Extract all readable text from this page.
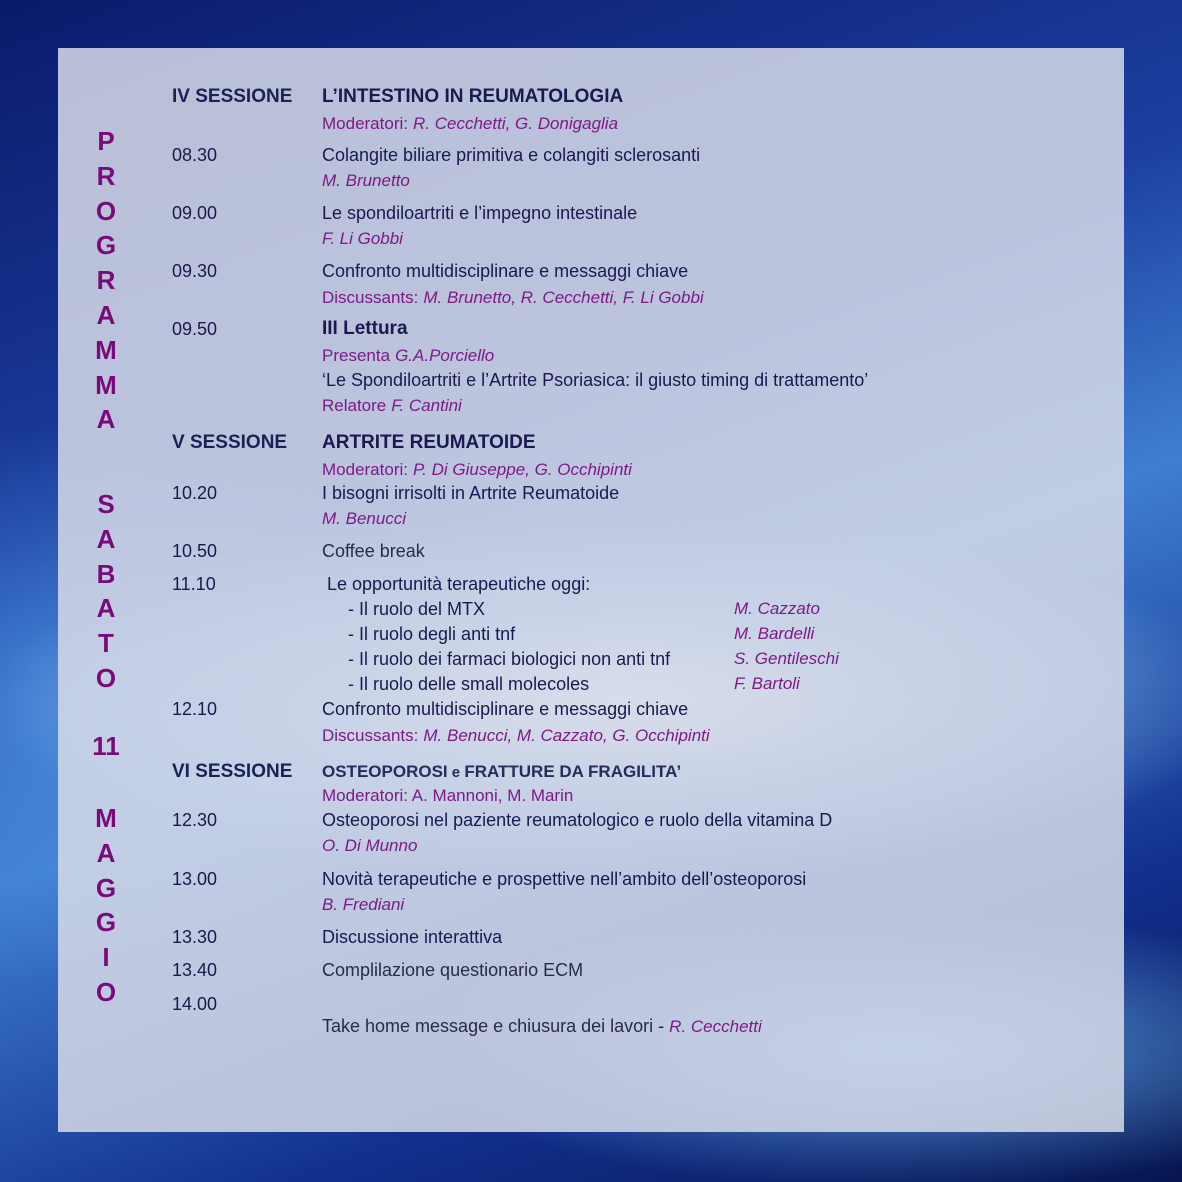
P
R
O
G
R
A
M
M
A
S
A
B
A
T
O
11
M
A
G
G
I
O
IV SESSIONE L’INTESTINO IN REUMATOLOGIA
Moderatori: R. Cecchetti, G. Donigaglia
08.30	Colangite biliare primitiva e colangiti sclerosanti
M. Brunetto
09.00	Le spondiloartriti e l’impegno intestinale
F. Li Gobbi
09.30	Confronto multidisciplinare e messaggi chiave
Discussants: M. Brunetto, R. Cecchetti, F. Li Gobbi
09.50	III Lettura
Presenta G.A.Porciello
‘Le Spondiloartriti e l’Artrite Psoriasica: il giusto timing di trattamento’
Relatore F. Cantini
V SESSIONE ARTRITE REUMATOIDE
Moderatori: P. Di Giuseppe, G. Occhipinti
10.20	I bisogni irrisolti in Artrite Reumatoide
M. Benucci
10.50	Coffee break
11.10	Le opportunità terapeutiche oggi:
- Il ruolo del MTX	M. Cazzato
- Il ruolo degli anti tnf	M. Bardelli
- Il ruolo dei farmaci biologici non anti tnf	S. Gentileschi
- Il ruolo delle small molecoles	F. Bartoli
12.10	Confronto multidisciplinare e messaggi chiave
Discussants: M. Benucci, M. Cazzato, G. Occhipinti
VI SESSIONE OSTEOPOROSI e FRATTURE DA FRAGILITA’
Moderatori: A. Mannoni, M. Marin
12.30	Osteoporosi nel paziente reumatologico e ruolo della vitamina D
O. Di Munno
13.00	Novità terapeutiche e prospettive nell’ambito dell’osteoporosi
B. Frediani
13.30	Discussione interattiva
13.40	Complilazione questionario ECM
14.00

Take home message e chiusura dei lavori - R. Cecchetti
